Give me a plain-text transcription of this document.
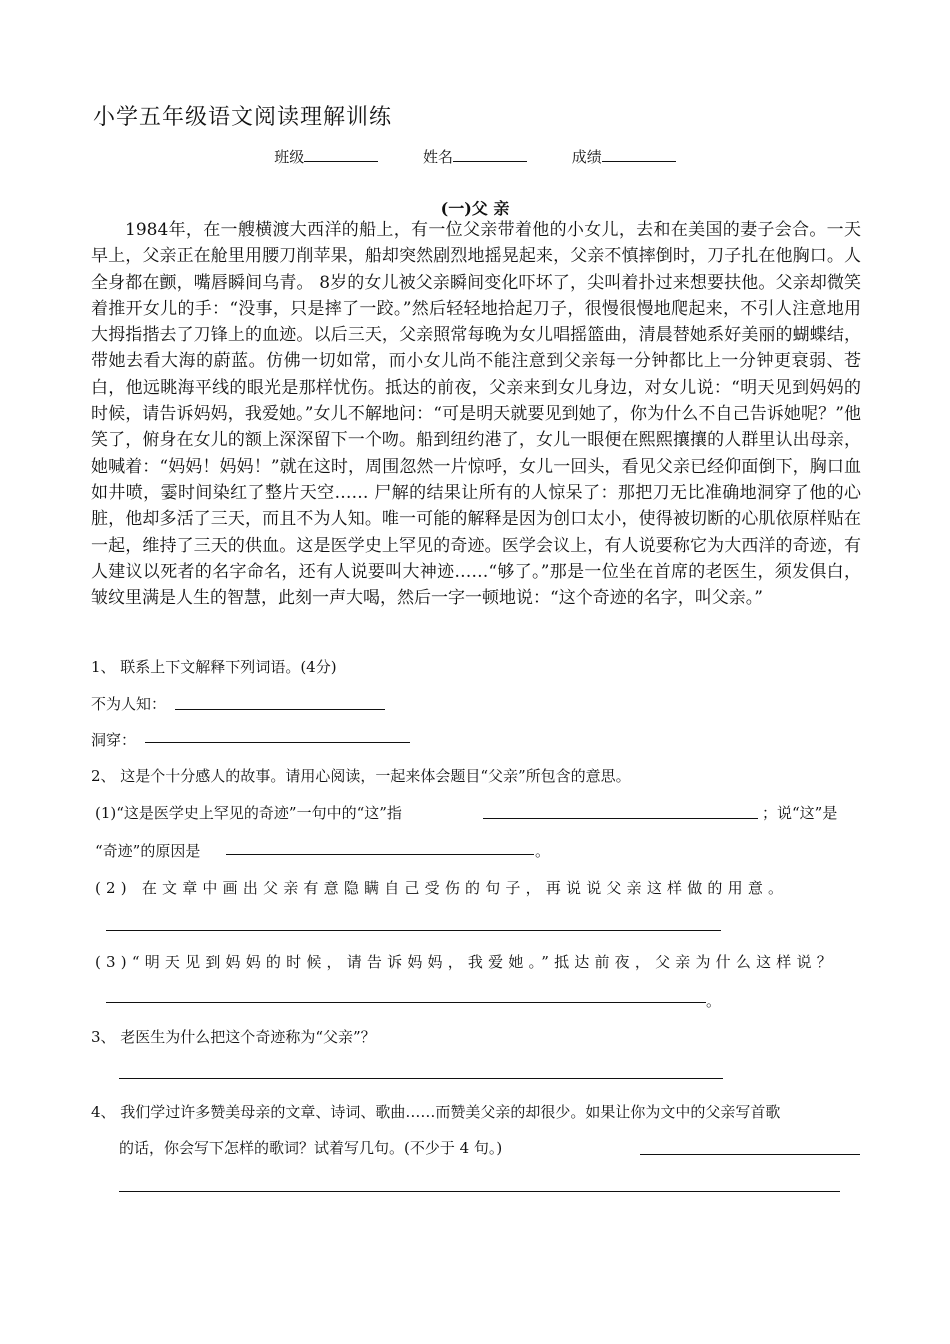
小学五年级语文阅读理解训练
班级	姓名	成绩
(一)父 亲
1984年，在一艘横渡大西洋的船上，有一位父亲带着他的小女儿，去和在美国的妻子会合。一天早上，父亲正在舱里用腰刀削苹果，船却突然剧烈地摇晃起来，父亲不慎摔倒时，刀子扎在他胸口。人全身都在颤，嘴唇瞬间乌青。 8岁的女儿被父亲瞬间变化吓坏了，尖叫着扑过来想要扶他。父亲却微笑着推开女儿的手：“没事，只是摔了一跤。”然后轻轻地拾起刀子，很慢很慢地爬起来，不引人注意地用大拇指揩去了刀锋上的血迹。以后三天，父亲照常每晚为女儿唱摇篮曲，清晨替她系好美丽的蝴蝶结，带她去看大海的蔚蓝。仿佛一切如常，而小女儿尚不能注意到父亲每一分钟都比上一分钟更衰弱、苍白，他远眺海平线的眼光是那样忧伤。抵达的前夜，父亲来到女儿身边，对女儿说：“明天见到妈妈的时候，请告诉妈妈，我爱她。”女儿不解地问：“可是明天就要见到她了，你为什么不自己告诉她呢？”他笑了，俯身在女儿的额上深深留下一个吻。船到纽约港了，女儿一眼便在熙熙攘攘的人群里认出母亲，她喊着：“妈妈！妈妈！”就在这时，周围忽然一片惊呼，女儿一回头，看见父亲已经仰面倒下，胸口血如井喷，霎时间染红了整片天空…… 尸解的结果让所有的人惊呆了：那把刀无比准确地洞穿了他的心脏，他却多活了三天，而且不为人知。唯一可能的解释是因为创口太小，使得被切断的心肌依原样贴在一起，维持了三天的供血。这是医学史上罕见的奇迹。医学会议上，有人说要称它为大西洋的奇迹，有人建议以死者的名字命名，还有人说要叫大神迹……“够了。”那是一位坐在首席的老医生，须发俱白，皱纹里满是人生的智慧，此刻一声大喝，然后一字一顿地说：“这个奇迹的名字，叫父亲。”
1、 联系上下文解释下列词语。(4分)
不为人知：
洞穿：
2、 这是个十分感人的故事。请用心阅读，一起来体会题目“父亲”所包含的意思。
(1)“这是医学史上罕见的奇迹”一句中的“这”指	；说“这”是
“奇迹”的原因是	。
(2) 在文章中画出父亲有意隐瞒自己受伤的句子，再说说父亲这样做的用意。
(3)“明天见到妈妈的时候，请告诉妈妈，我爱她。”抵达前夜，父亲为什么这样说？
。
3、 老医生为什么把这个奇迹称为“父亲”？
4、 我们学过许多赞美母亲的文章、诗词、歌曲……而赞美父亲的却很少。如果让你为文中的父亲写首歌
的话，你会写下怎样的歌词？试着写几句。(不少于 4 句。)
